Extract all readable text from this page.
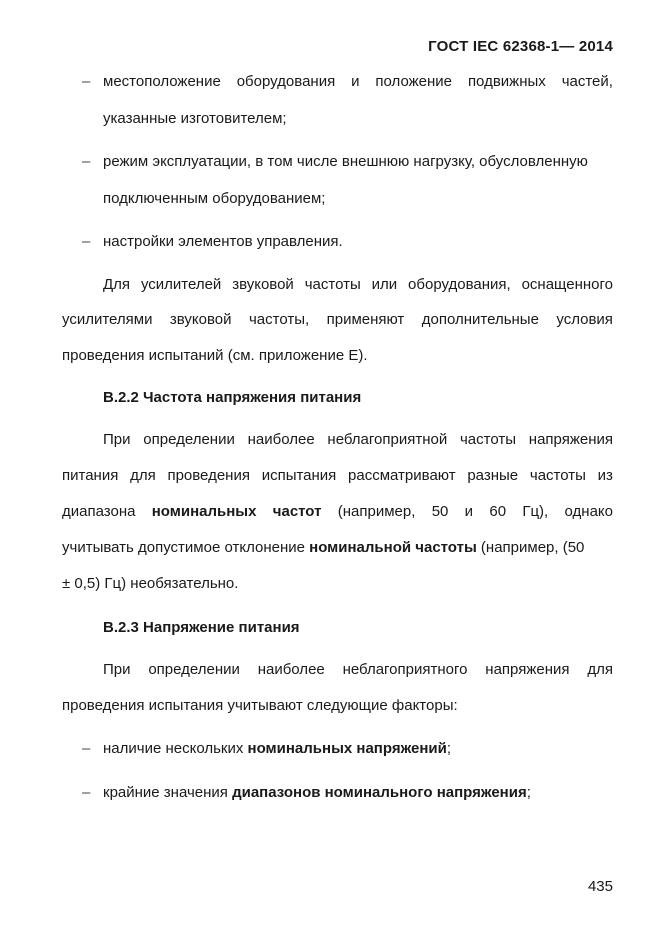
ГОСТ IEC 62368-1— 2014
– местоположение оборудования и положение подвижных частей,
указанные изготовителем;
– режим эксплуатации, в том числе внешнюю нагрузку, обусловленную
подключенным оборудованием;
– настройки элементов управления.
Для усилителей звуковой частоты или оборудования, оснащенного
усилителями звуковой частоты, применяют дополнительные условия
проведения испытаний (см. приложение E).
B.2.2 Частота напряжения питания
При определении наиболее неблагоприятной частоты напряжения
питания для проведения испытания рассматривают разные частоты из
диапазона номинальных частот (например, 50 и 60 Гц), однако
учитывать допустимое отклонение номинальной частоты (например, (50
± 0,5) Гц) необязательно.
B.2.3 Напряжение питания
При определении наиболее неблагоприятного напряжения для
проведения испытания учитывают следующие факторы:
– наличие нескольких номинальных напряжений;
– крайние значения диапазонов номинального напряжения;
435
